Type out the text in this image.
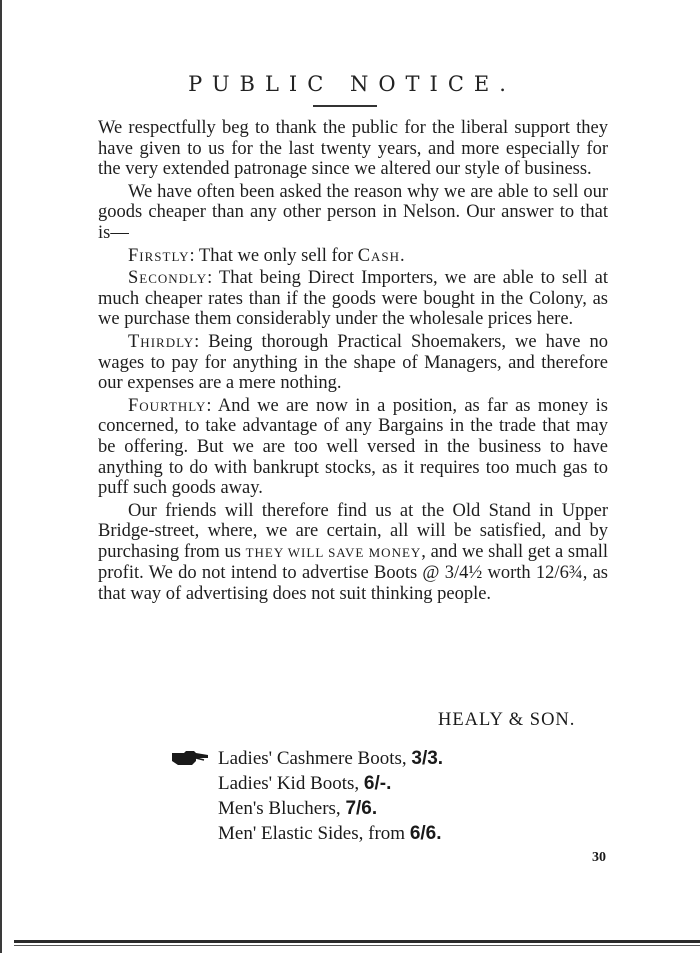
PUBLIC NOTICE.

We respectfully beg to thank the public for the liberal support they have given to us for the last twenty years, and more especially for the very extended patronage since we altered our style of business.

We have often been asked the reason why we are able to sell our goods cheaper than any other person in Nelson. Our answer to that is—

Firstly: That we only sell for Cash.

Secondly: That being Direct Importers, we are able to sell at much cheaper rates than if the goods were bought in the Colony, as we purchase them considerably under the wholesale prices here.

Thirdly: Being thorough Practical Shoemakers, we have no wages to pay for anything in the shape of Managers, and therefore our expenses are a mere nothing.

Fourthly: And we are now in a position, as far as money is concerned, to take advantage of any Bargains in the trade that may be offering. But we are too well versed in the business to have anything to do with bankrupt stocks, as it requires too much gas to puff such goods away.

Our friends will therefore find us at the Old Stand in Upper Bridge-street, where, we are certain, all will be satisfied, and by purchasing from us THEY WILL SAVE MONEY, and we shall get a small profit. We do not intend to advertise Boots @ 3/4½ worth 12/6¾, as that way of advertising does not suit thinking people.

HEALY & SON.
Ladies' Cashmere Boots, 3/3.
Ladies' Kid Boots, 6/-.
Men's Bluchers, 7/6.
Men' Elastic Sides, from 6/6.
30
